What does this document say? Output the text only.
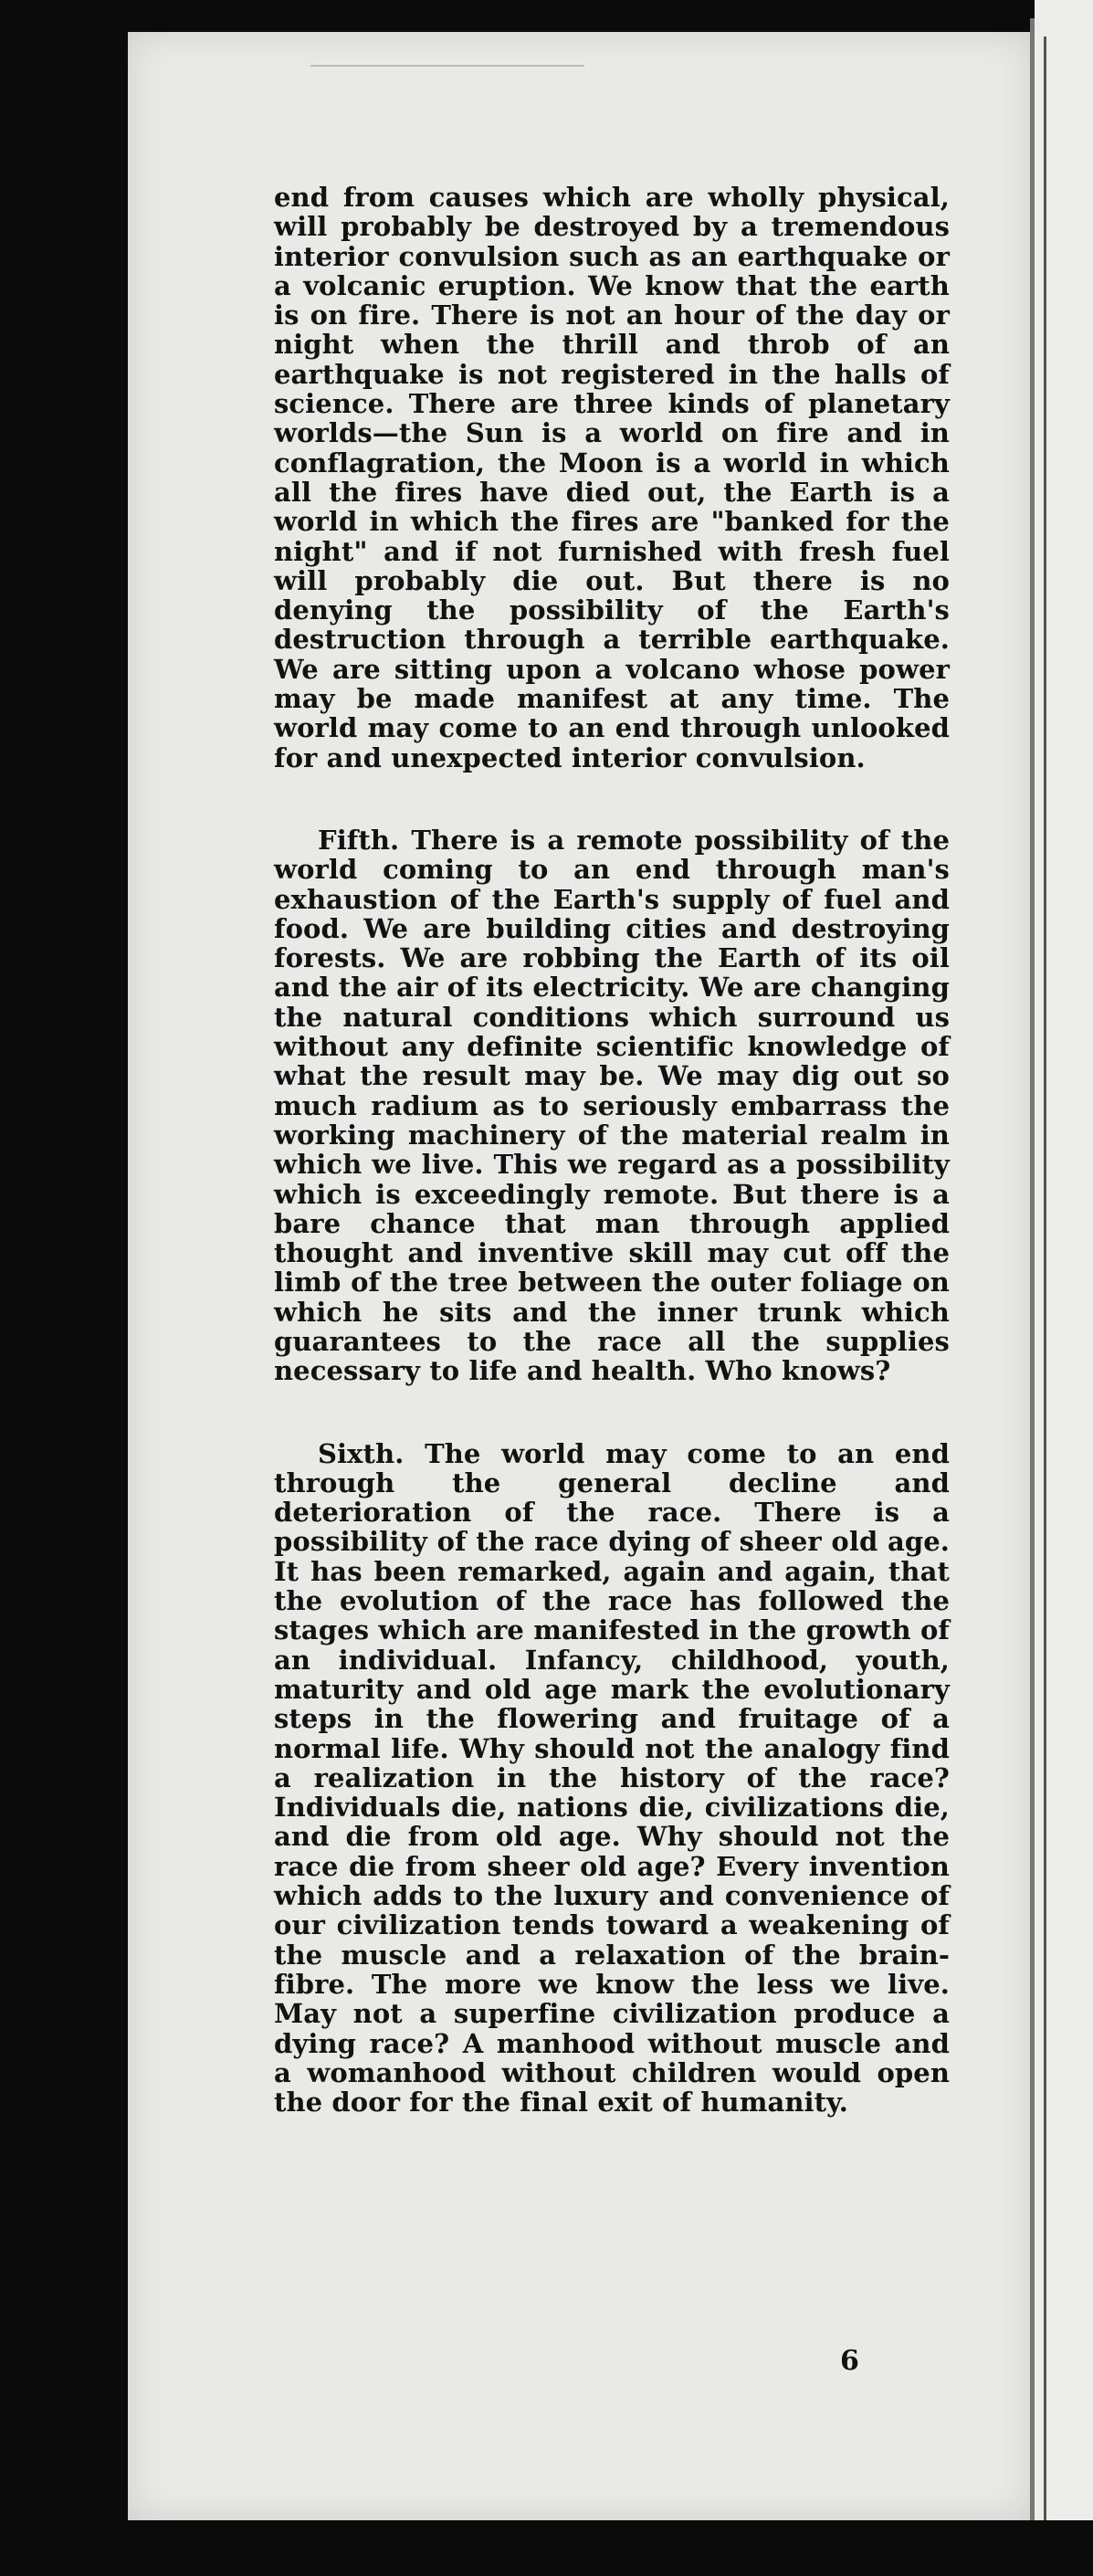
end from causes which are wholly physical, will probably be destroyed by a tremendous interior convulsion such as an earthquake or a volcanic eruption. We know that the earth is on fire. There is not an hour of the day or night when the thrill and throb of an earthquake is not registered in the halls of science. There are three kinds of planetary worlds—the Sun is a world on fire and in conflagration, the Moon is a world in which all the fires have died out, the Earth is a world in which the fires are "banked for the night" and if not furnished with fresh fuel will probably die out. But there is no denying the possibility of the Earth's destruction through a terrible earthquake. We are sitting upon a volcano whose power may be made manifest at any time. The world may come to an end through unlooked for and unexpected interior convulsion.

Fifth. There is a remote possibility of the world coming to an end through man's exhaustion of the Earth's supply of fuel and food. We are building cities and destroying forests. We are robbing the Earth of its oil and the air of its electricity. We are changing the natural conditions which surround us without any definite scientific knowledge of what the result may be. We may dig out so much radium as to seriously embarrass the working machinery of the material realm in which we live. This we regard as a possibility which is exceedingly remote. But there is a bare chance that man through applied thought and inventive skill may cut off the limb of the tree between the outer foliage on which he sits and the inner trunk which guarantees to the race all the supplies necessary to life and health. Who knows?

Sixth. The world may come to an end through the general decline and deterioration of the race. There is a possibility of the race dying of sheer old age. It has been remarked, again and again, that the evolution of the race has followed the stages which are manifested in the growth of an individual. Infancy, childhood, youth, maturity and old age mark the evolutionary steps in the flowering and fruitage of a normal life. Why should not the analogy find a realization in the history of the race? Individuals die, nations die, civilizations die, and die from old age. Why should not the race die from sheer old age? Every invention which adds to the luxury and convenience of our civilization tends toward a weakening of the muscle and a relaxation of the brain-fibre. The more we know the less we live. May not a superfine civilization produce a dying race? A manhood without muscle and a womanhood without children would open the door for the final exit of humanity.

6
